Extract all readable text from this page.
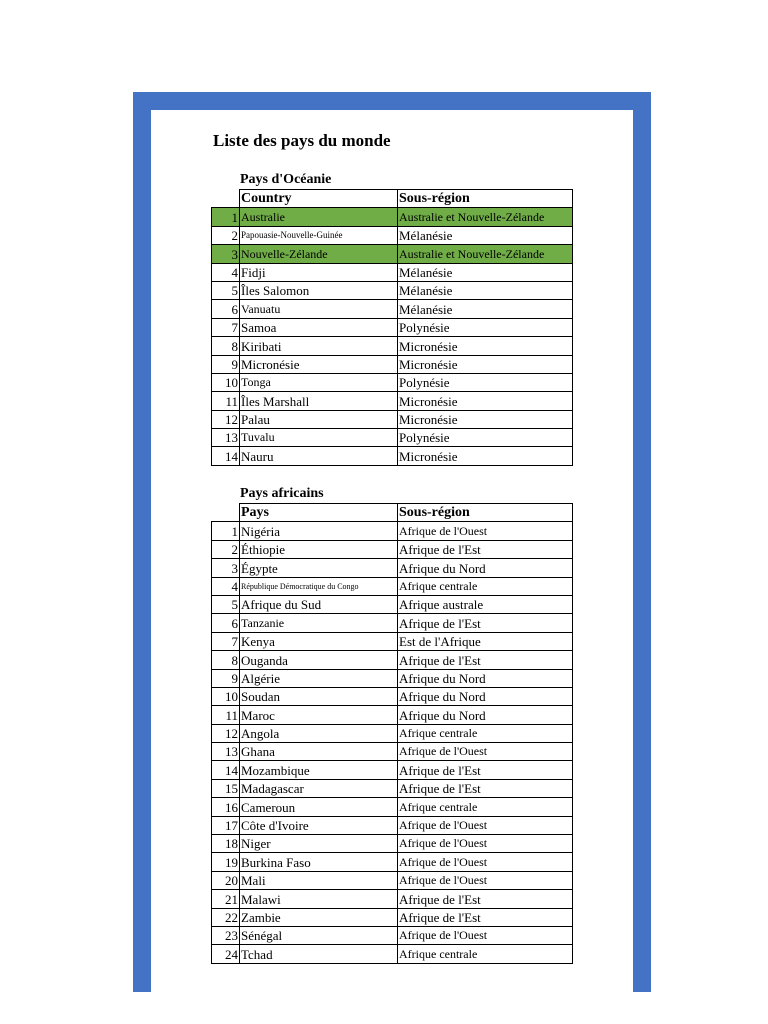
Liste des pays du monde
Pays d'Océanie
	Country	Sous-région
1	Australie	Australie et Nouvelle-Zélande
2	Papouasie-Nouvelle-Guinée	Mélanésie
3	Nouvelle-Zélande	Australie et Nouvelle-Zélande
4	Fidji	Mélanésie
5	Îles Salomon	Mélanésie
6	Vanuatu	Mélanésie
7	Samoa	Polynésie
8	Kiribati	Micronésie
9	Micronésie	Micronésie
10	Tonga	Polynésie
11	Îles Marshall	Micronésie
12	Palau	Micronésie
13	Tuvalu	Polynésie
14	Nauru	Micronésie
Pays africains
	Pays	Sous-région
1	Nigéria	Afrique de l'Ouest
2	Éthiopie	Afrique de l'Est
3	Égypte	Afrique du Nord
4	République Démocratique du Congo	Afrique centrale
5	Afrique du Sud	Afrique australe
6	Tanzanie	Afrique de l'Est
7	Kenya	Est de l'Afrique
8	Ouganda	Afrique de l'Est
9	Algérie	Afrique du Nord
10	Soudan	Afrique du Nord
11	Maroc	Afrique du Nord
12	Angola	Afrique centrale
13	Ghana	Afrique de l'Ouest
14	Mozambique	Afrique de l'Est
15	Madagascar	Afrique de l'Est
16	Cameroun	Afrique centrale
17	Côte d'Ivoire	Afrique de l'Ouest
18	Niger	Afrique de l'Ouest
19	Burkina Faso	Afrique de l'Ouest
20	Mali	Afrique de l'Ouest
21	Malawi	Afrique de l'Est
22	Zambie	Afrique de l'Est
23	Sénégal	Afrique de l'Ouest
24	Tchad	Afrique centrale
